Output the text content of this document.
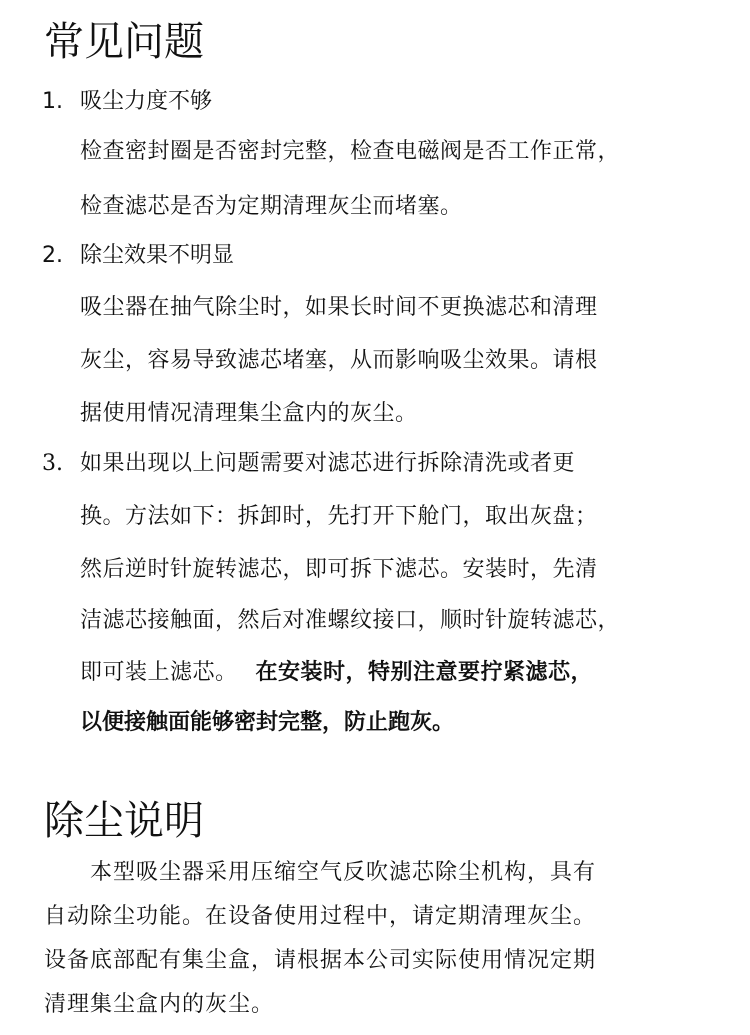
常见问题
1. 吸尘力度不够
检查密封圈是否密封完整，检查电磁阀是否工作正常，
检查滤芯是否为定期清理灰尘而堵塞。
2. 除尘效果不明显
吸尘器在抽气除尘时，如果长时间不更换滤芯和清理
灰尘，容易导致滤芯堵塞，从而影响吸尘效果。请根
据使用情况清理集尘盒内的灰尘。
3. 如果出现以上问题需要对滤芯进行拆除清洗或者更
换。方法如下：拆卸时，先打开下舱门，取出灰盘；
然后逆时针旋转滤芯，即可拆下滤芯。安装时，先清
洁滤芯接触面，然后对准螺纹接口，顺时针旋转滤芯，
即可装上滤芯。 在安装时，特别注意要拧紧滤芯，
以便接触面能够密封完整，防止跑灰。
除尘说明
　　本型吸尘器采用压缩空气反吹滤芯除尘机构，具有
自动除尘功能。在设备使用过程中，请定期清理灰尘。
设备底部配有集尘盒，请根据本公司实际使用情况定期
清理集尘盒内的灰尘。
